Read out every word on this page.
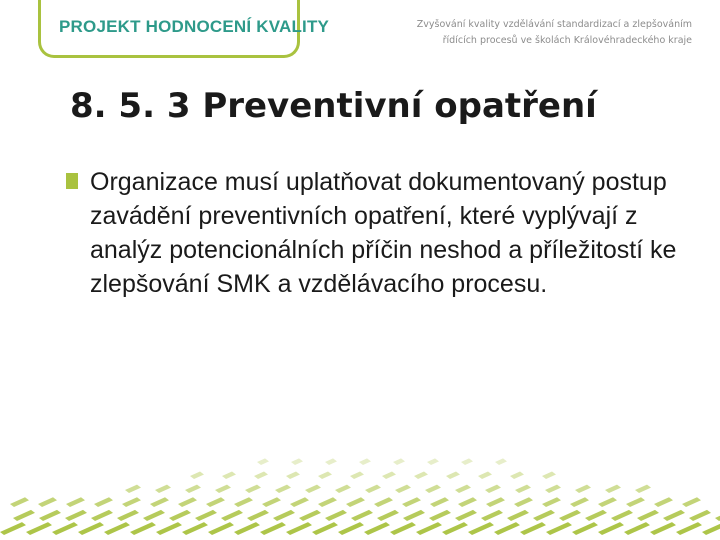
PROJEKT HODNOCENÍ KVALITY	Zvyšování kvality vzdělávání standardizací a zlepšováním
řídících procesů ve školách Královéhradeckého kraje
8. 5. 3 Preventivní opatření

Organizace musí uplatňovat dokumentovaný postup zavádění preventivních opatření, které vyplývají z analýz potencionálních příčin neshod a příležitostí ke zlepšování SMK a vzdělávacího procesu.
